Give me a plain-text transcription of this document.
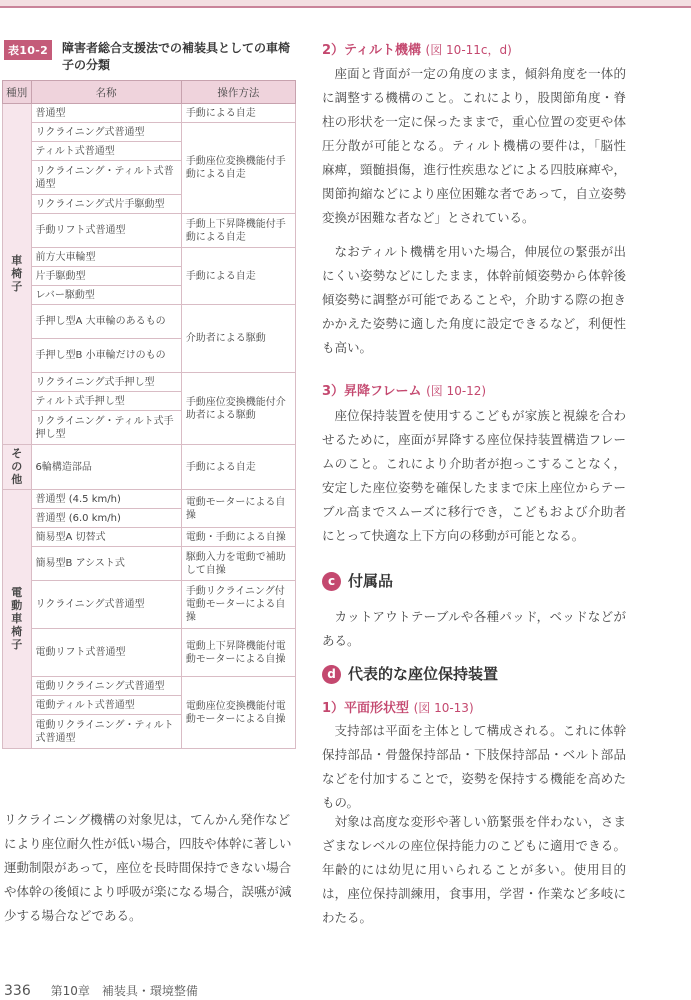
表10-2	障害者総合支援法での補装具としての車椅子の分類
種別	名称	操作方法
車椅子	普通型	手動による自走
	リクライニング式普通型	手動座位変換機能付手動による自走
	ティルト式普通型	
	リクライニング・ティルト式普通型	
	リクライニング式片手駆動型	
	手動リフト式普通型	手動上下昇降機能付手動による自走
	前方大車輪型	手動による自走
	片手駆動型	
	レバー駆動型	
	手押し型A 大車輪のあるもの	介助者による駆動
	手押し型B 小車輪だけのもの	
	リクライニング式手押し型	手動座位変換機能付介助者による駆動
	ティルト式手押し型	
	リクライニング・ティルト式手押し型	
その他	6輪構造部品	手動による自走
電動車椅子	普通型 (4.5 km/h)	電動モーターによる自操
	普通型 (6.0 km/h)	
	簡易型A 切替式	電動・手動による自操
	簡易型B アシスト式	駆動入力を電動で補助して自操
	リクライニング式普通型	手動リクライニング付電動モーターによる自操
	電動リフト式普通型	電動上下昇降機能付電動モーターによる自操
	電動リクライニング式普通型	電動座位変換機能付電動モーターによる自操
	電動ティルト式普通型	
	電動リクライニング・ティルト式普通型	
リクライニング機構の対象児は，てんかん発作などにより座位耐久性が低い場合，四肢や体幹に著しい運動制限があって，座位を長時間保持できない場合や体幹の後傾により呼吸が楽になる場合，誤嚥が減少する場合などである。
2）ティルト機構 (図 10-11c，d)
座面と背面が一定の角度のまま，傾斜角度を一体的に調整する機構のこと。これにより，股関節角度・脊柱の形状を一定に保ったままで，重心位置の変更や体圧分散が可能となる。ティルト機構の要件は，「脳性麻痺，頸髄損傷，進行性疾患などによる四肢麻痺や，関節拘縮などにより座位困難な者であって，自立姿勢変換が困難な者など」とされている。
なおティルト機構を用いた場合，伸展位の緊張が出にくい姿勢などにしたまま，体幹前傾姿勢から体幹後傾姿勢に調整が可能であることや，介助する際の抱きかかえた姿勢に適した角度に設定できるなど，利便性も高い。
3）昇降フレーム (図 10-12)
座位保持装置を使用するこどもが家族と視線を合わせるために，座面が昇降する座位保持装置構造フレームのこと。これにより介助者が抱っこすることなく，安定した座位姿勢を確保したままで床上座位からテーブル高までスムーズに移行でき，こどもおよび介助者にとって快適な上下方向の移動が可能となる。
c 付属品
カットアウトテーブルや各種パッド，ベッドなどがある。
d 代表的な座位保持装置
1）平面形状型 (図 10-13)
支持部は平面を主体として構成される。これに体幹保持部品・骨盤保持部品・下肢保持部品・ベルト部品などを付加することで，姿勢を保持する機能を高めたもの。
対象は高度な変形や著しい筋緊張を伴わない，さまざまなレベルの座位保持能力のこどもに適用できる。年齢的には幼児に用いられることが多い。使用目的は，座位保持訓練用，食事用，学習・作業など多岐にわたる。
336 第10章　補装具・環境整備
